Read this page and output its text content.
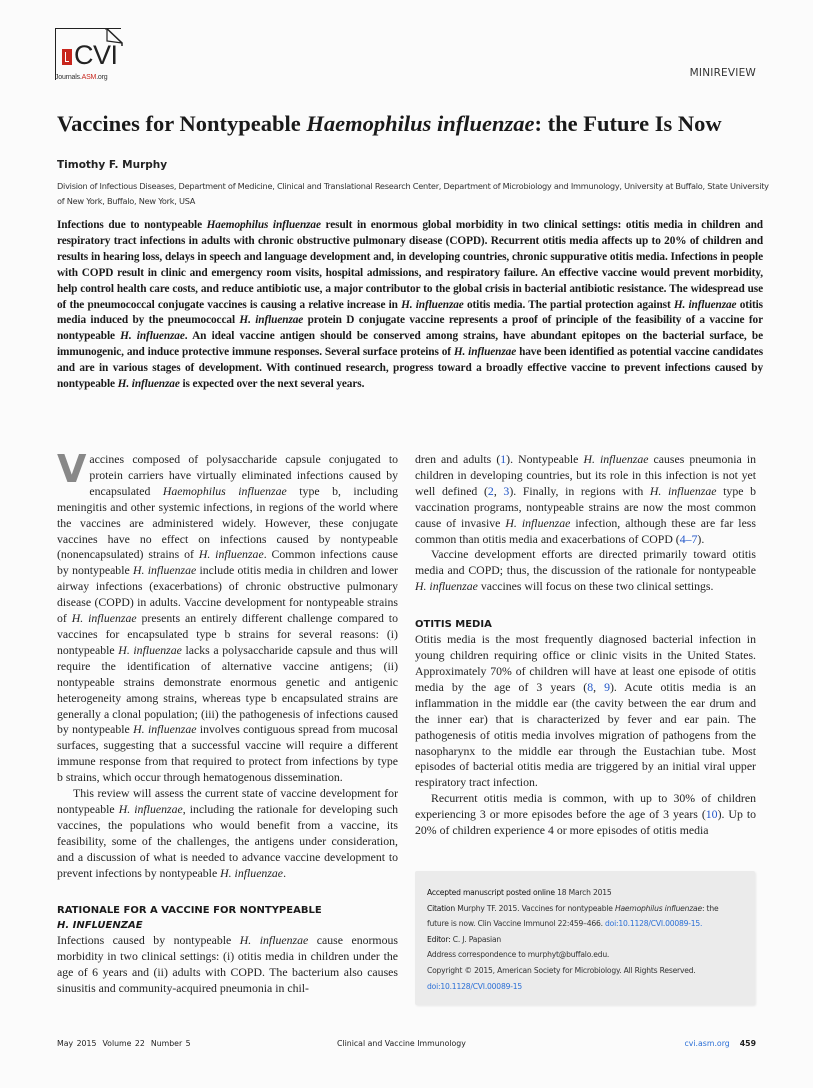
CVI
Journals.ASM.org	MINIREVIEW
Vaccines for Nontypeable Haemophilus influenzae: the Future Is Now
Timothy F. Murphy
Division of Infectious Diseases, Department of Medicine, Clinical and Translational Research Center, Department of Microbiology and Immunology, University at Buffalo, State University of New York, Buffalo, New York, USA
Infections due to nontypeable Haemophilus influenzae result in enormous global morbidity in two clinical settings: otitis media in children and respiratory tract infections in adults with chronic obstructive pulmonary disease (COPD). Recurrent otitis media affects up to 20% of children and results in hearing loss, delays in speech and language development and, in developing countries, chronic suppurative otitis media. Infections in people with COPD result in clinic and emergency room visits, hospital admissions, and respiratory failure. An effective vaccine would prevent morbidity, help control health care costs, and reduce antibiotic use, a major contributor to the global crisis in bacterial antibiotic resistance. The widespread use of the pneumococcal conjugate vaccines is causing a relative increase in H. influenzae otitis media. The partial protection against H. influenzae otitis media induced by the pneumococcal H. influenzae protein D conjugate vaccine represents a proof of principle of the feasibility of a vaccine for nontypeable H. influenzae. An ideal vaccine antigen should be conserved among strains, have abundant epitopes on the bacterial surface, be immunogenic, and induce protective immune responses. Several surface proteins of H. influenzae have been identified as potential vaccine candidates and are in various stages of development. With continued research, progress toward a broadly effective vaccine to prevent infections caused by nontypeable H. influenzae is expected over the next several years.

Vaccines composed of polysaccharide capsule conjugated to protein carriers have virtually eliminated infections caused by encapsulated Haemophilus influenzae type b, including meningitis and other systemic infections, in regions of the world where the vaccines are administered widely. However, these conjugate vaccines have no effect on infections caused by nontypeable (nonencapsulated) strains of H. influenzae. Common infections cause by nontypeable H. influenzae include otitis media in children and lower airway infections (exacerbations) of chronic obstructive pulmonary disease (COPD) in adults. Vaccine development for nontypeable strains of H. influenzae presents an entirely different challenge compared to vaccines for encapsulated type b strains for several reasons: (i) nontypeable H. influenzae lacks a polysaccharide capsule and thus will require the identification of alternative vaccine antigens; (ii) nontypeable strains demonstrate enormous genetic and antigenic heterogeneity among strains, whereas type b encapsulated strains are generally a clonal population; (iii) the pathogenesis of infections caused by nontypeable H. influenzae involves contiguous spread from mucosal surfaces, suggesting that a successful vaccine will require a different immune response from that required to protect from infections by type b strains, which occur through hematogenous dissemination.

This review will assess the current state of vaccine development for nontypeable H. influenzae, including the rationale for developing such vaccines, the populations who would benefit from a vaccine, its feasibility, some of the challenges, the antigens under consideration, and a discussion of what is needed to advance vaccine development to prevent infections by nontypeable H. influenzae.

RATIONALE FOR A VACCINE FOR NONTYPEABLE
H. INFLUENZAE

Infections caused by nontypeable H. influenzae cause enormous morbidity in two clinical settings: (i) otitis media in children under the age of 6 years and (ii) adults with COPD. The bacterium also causes sinusitis and community-acquired pneumonia in chil-

dren and adults (1). Nontypeable H. influenzae causes pneumonia in children in developing countries, but its role in this infection is not yet well defined (2, 3). Finally, in regions with H. influenzae type b vaccination programs, nontypeable strains are now the most common cause of invasive H. influenzae infection, although these are far less common than otitis media and exacerbations of COPD (4–7).

Vaccine development efforts are directed primarily toward otitis media and COPD; thus, the discussion of the rationale for nontypeable H. influenzae vaccines will focus on these two clinical settings.

OTITIS MEDIA

Otitis media is the most frequently diagnosed bacterial infection in young children requiring office or clinic visits in the United States. Approximately 70% of children will have at least one episode of otitis media by the age of 3 years (8, 9). Acute otitis media is an inflammation in the middle ear (the cavity between the ear drum and the inner ear) that is characterized by fever and ear pain. The pathogenesis of otitis media involves migration of pathogens from the nasopharynx to the middle ear through the Eustachian tube. Most episodes of bacterial otitis media are triggered by an initial viral upper respiratory tract infection.

Recurrent otitis media is common, with up to 30% of children experiencing 3 or more episodes before the age of 3 years (10). Up to 20% of children experience 4 or more episodes of otitis media

Accepted manuscript posted online 18 March 2015
Citation Murphy TF. 2015. Vaccines for nontypeable Haemophilus influenzae: the
future is now. Clin Vaccine Immunol 22:459–466. doi:10.1128/CVI.00089-15.
Editor: C. J. Papasian
Address correspondence to murphyt@buffalo.edu.
Copyright © 2015, American Society for Microbiology. All Rights Reserved.
doi:10.1128/CVI.00089-15
May 2015 Volume 22 Number 5	Clinical and Vaccine Immunology	cvi.asm.org 459
